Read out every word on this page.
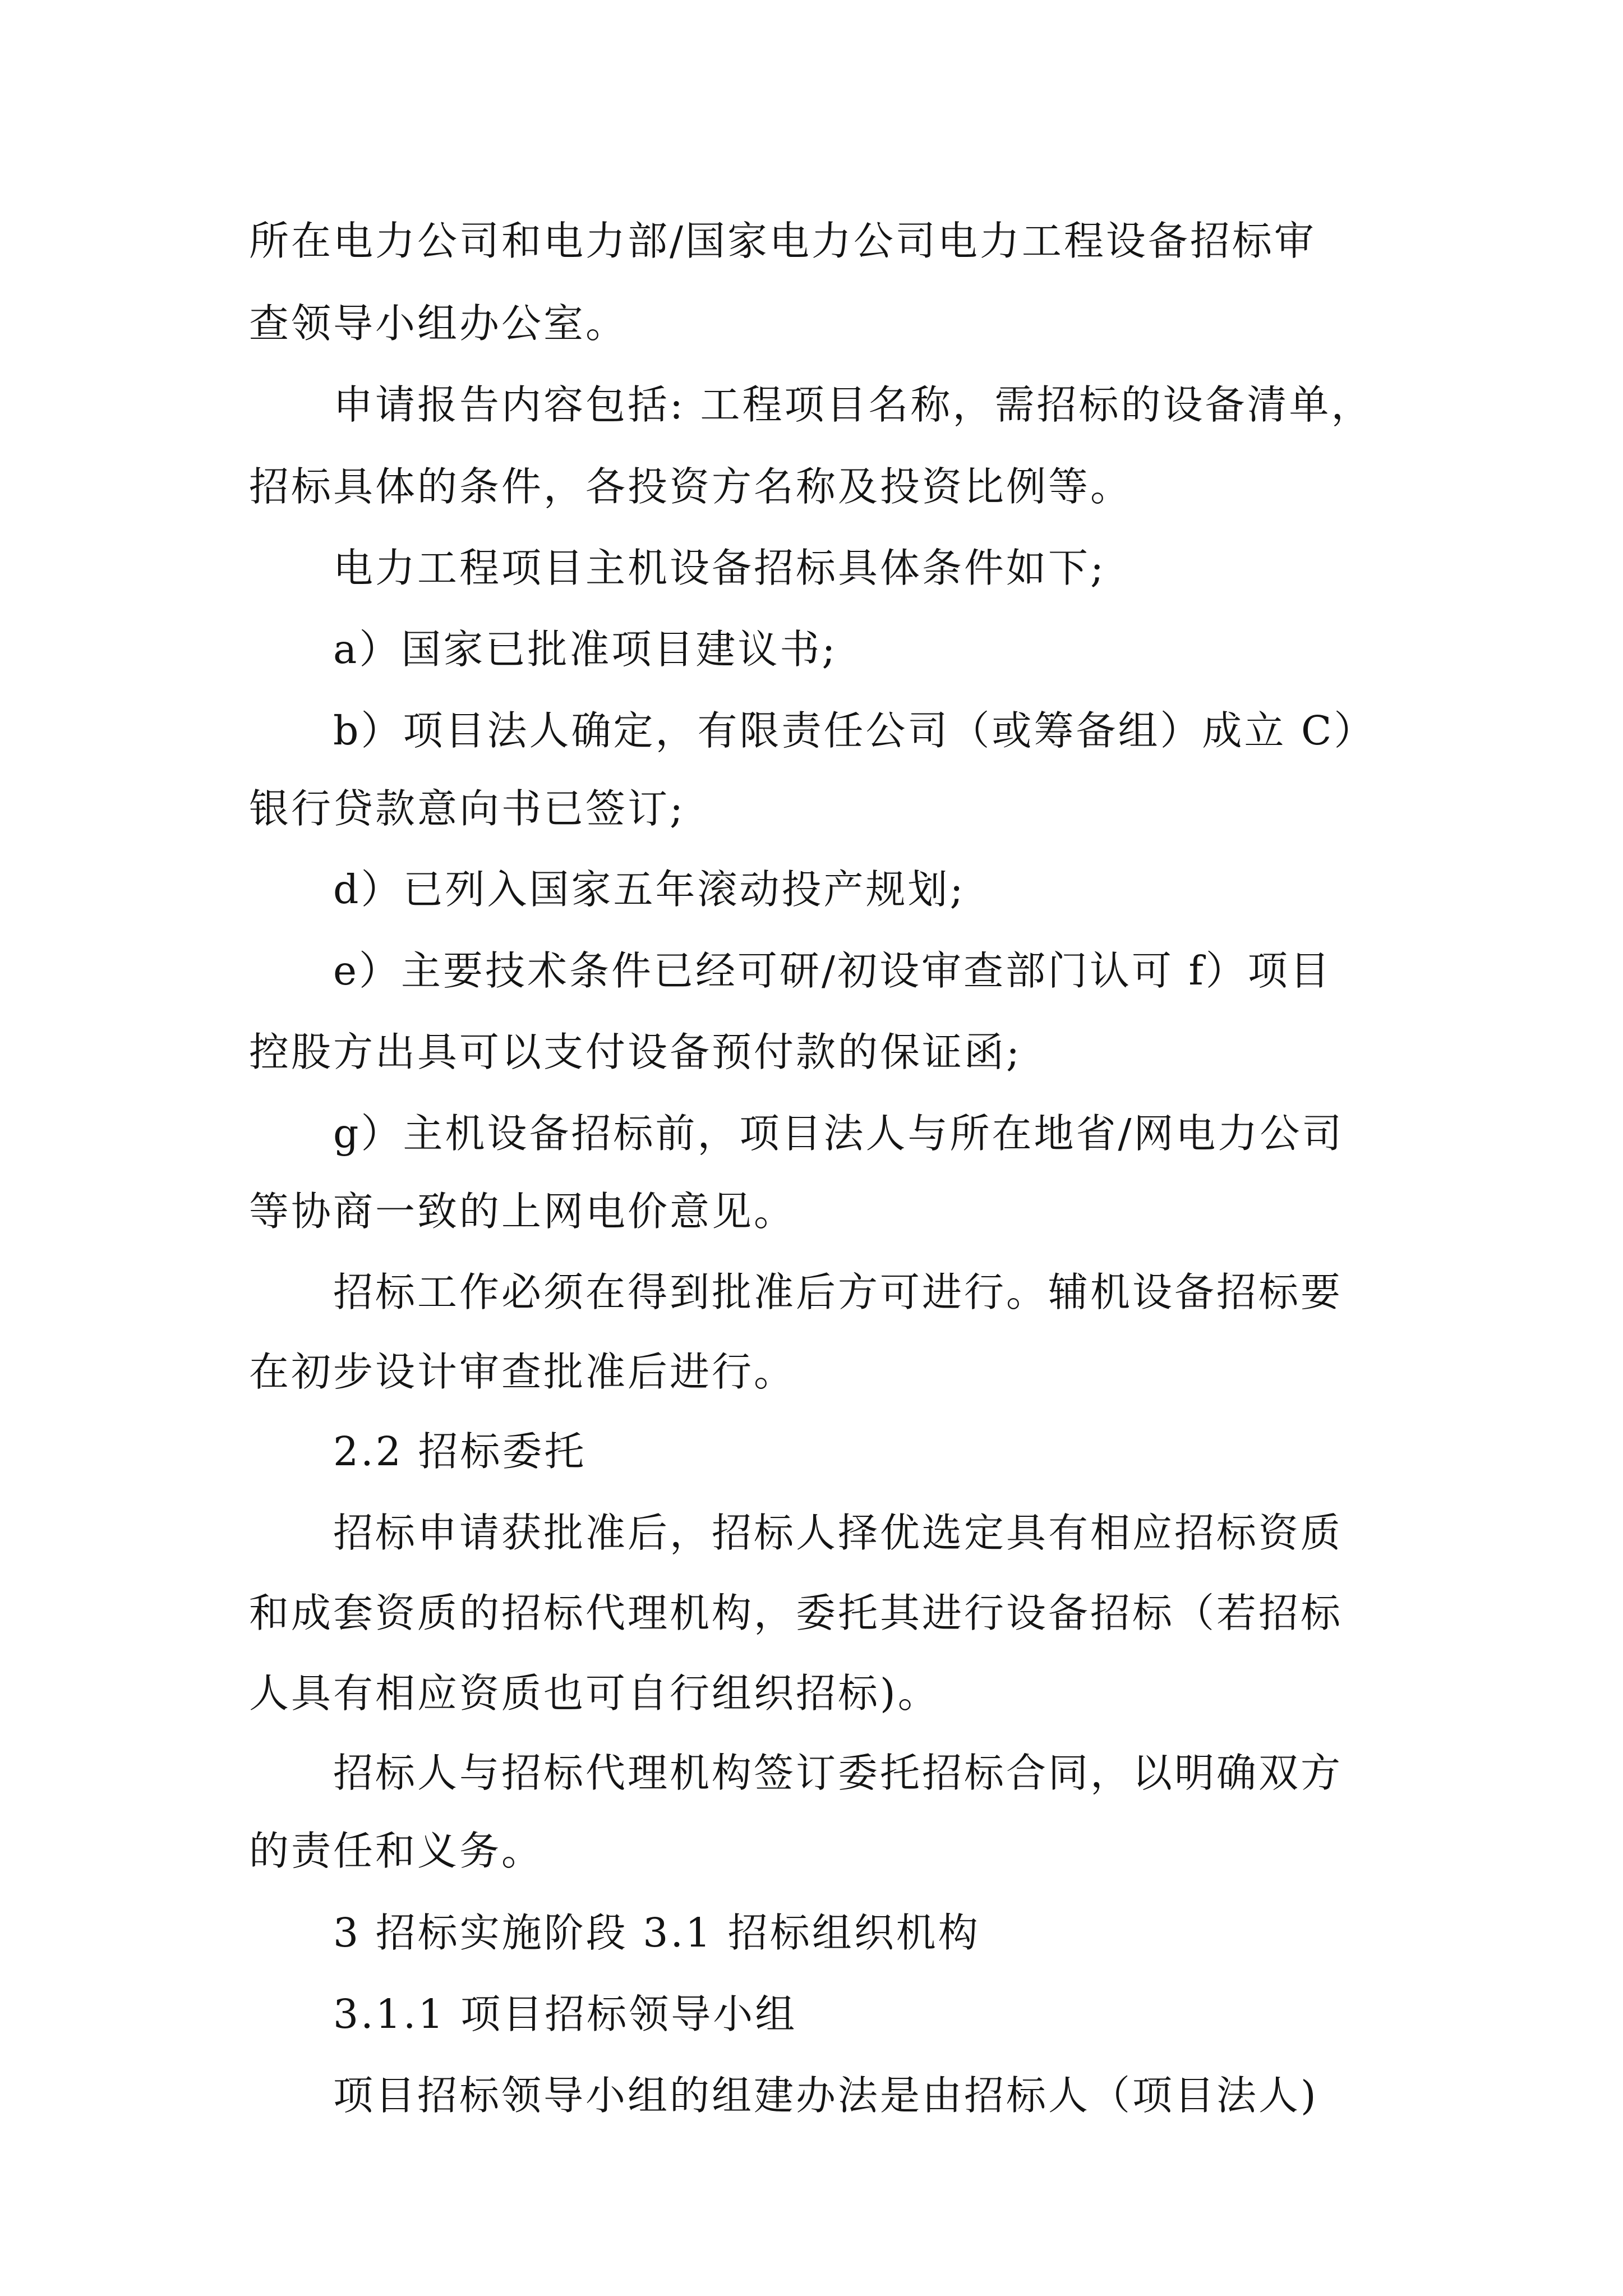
所在电力公司和电力部/国家电力公司电力工程设备招标审
查领导小组办公室。
申请报告内容包括: 工程项目名称，需招标的设备清单，
招标具体的条件，各投资方名称及投资比例等。
电力工程项目主机设备招标具体条件如下;
a）国家已批准项目建议书;
b）项目法人确定，有限责任公司（或筹备组）成立 C）
银行贷款意向书已签订;
d）已列入国家五年滚动投产规划;
e）主要技术条件已经可研/初设审查部门认可 f）项目
控股方出具可以支付设备预付款的保证函;
g）主机设备招标前，项目法人与所在地省/网电力公司
等协商一致的上网电价意见。
招标工作必须在得到批准后方可进行。辅机设备招标要
在初步设计审查批准后进行。
2.2 招标委托
招标申请获批准后，招标人择优选定具有相应招标资质
和成套资质的招标代理机构，委托其进行设备招标（若招标
人具有相应资质也可自行组织招标)。
招标人与招标代理机构签订委托招标合同，以明确双方
的责任和义务。
3 招标实施阶段 3.1 招标组织机构
3.1.1 项目招标领导小组
项目招标领导小组的组建办法是由招标人（项目法人)
